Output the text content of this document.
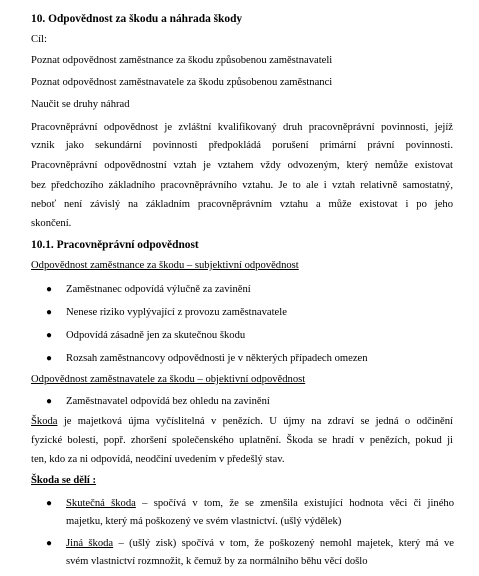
10. Odpovědnost za škodu a náhrada škody
Cíl:
Poznat odpovědnost zaměstnance za škodu způsobenou zaměstnavateli
Poznat odpovědnost zaměstnavatele za škodu způsobenou zaměstnanci
Naučit se druhy náhrad
Pracovněprávní odpovědnost je zvláštní kvalifikovaný druh pracovněprávní povinnosti, jejíž
vznik jako sekundární povinnosti předpokládá porušení primární právní povinnosti.
Pracovněprávní odpovědnostní vztah je vztahem vždy odvozeným, který nemůže existovat
bez předchozího základního pracovněprávního vztahu. Je to ale i vztah relativně samostatný,
neboť není závislý na základním pracovněprávním vztahu a může existovat i po jeho
skončení.
10.1. Pracovněprávní odpovědnost
Odpovědnost zaměstnance za škodu – subjektivní odpovědnost
● Zaměstnanec odpovídá výlučně za zavinění
● Nenese riziko vyplývající z provozu zaměstnavatele
● Odpovídá zásadně jen za skutečnou škodu
● Rozsah zaměstnancovy odpovědnosti je v některých případech omezen
Odpovědnost zaměstnavatele za škodu – objektivní odpovědnost
● Zaměstnavatel odpovídá bez ohledu na zavinění
Škoda je majetková újma vyčíslitelná v penězích. U újmy na zdraví se jedná o odčinění
fyzické bolesti, popř. zhoršení společenského uplatnění. Škoda se hradí v penězích, pokud ji
ten, kdo za ni odpovídá, neodčiní uvedením v předešlý stav.
Škoda se dělí :
● Skutečná škoda – spočívá v tom, že se zmenšila existující hodnota věci či jiného
majetku, který má poškozený ve svém vlastnictví. (ušlý výdělek)
● Jiná škoda – (ušlý zisk) spočívá v tom, že poškozený nemohl majetek, který má ve
svém vlastnictví rozmnožit, k čemuž by za normálního běhu věcí došlo
